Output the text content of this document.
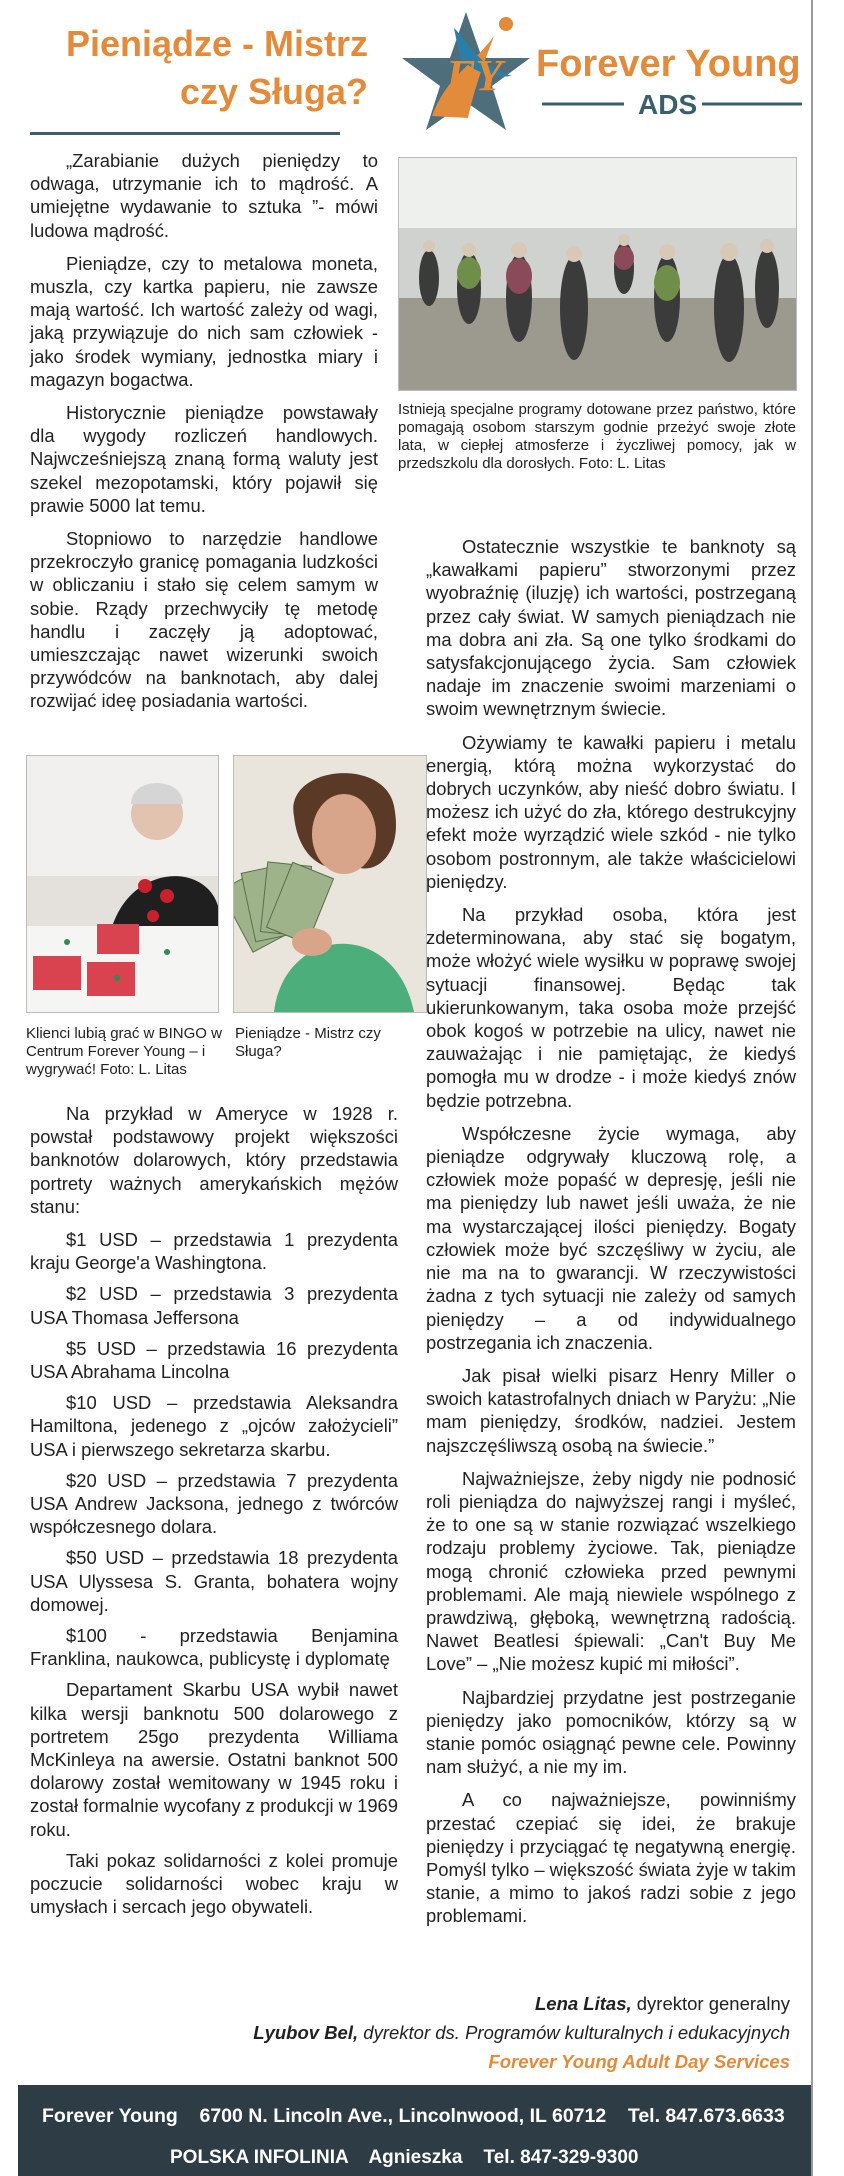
Pieniądze - Mistrz
czy Sługa? FY Forever Young
ADS

„Zarabianie dużych pieniędzy to odwaga, utrzymanie ich to mądrość. A umiejętne wydawanie to sztuka ”- mówi ludowa mądrość.

Pieniądze, czy to metalowa moneta, muszla, czy kartka papieru, nie zawsze mają wartość. Ich wartość zależy od wagi, jaką przywiązuje do nich sam człowiek - jako środek wymiany, jednostka miary i magazyn bogactwa.

Historycznie pieniądze powstawały dla wygody rozliczeń handlowych. Najwcześniejszą znaną formą waluty jest szekel mezopotamski, który pojawił się prawie 5000 lat temu.

Stopniowo to narzędzie handlowe przekroczyło granicę pomagania ludzkości w obliczaniu i stało się celem samym w sobie. Rządy przechwyciły tę metodę handlu i zaczęły ją adoptować, umieszczając nawet wizerunki swoich przywódców na banknotach, aby dalej rozwijać ideę posiadania wartości.

Istnieją specjalne programy dotowane przez państwo, które pomagają osobom starszym godnie przeżyć swoje złote lata, w ciepłej atmosferze i życzliwej pomocy, jak w przedszkolu dla dorosłych. Foto: L. Litas
Klienci lubią grać w BINGO w Centrum Forever Young – i wygrywać! Foto: L. Litas
Pieniądze - Mistrz czy Sługa?

Na przykład w Ameryce w 1928 r. powstał podstawowy projekt większości banknotów dolarowych, który przedstawia portrety ważnych amerykańskich mężów stanu:

$1 USD – przedstawia 1 prezydenta kraju George'a Washingtona.

$2 USD – przedstawia 3 prezydenta USA Thomasa Jeffersona

$5 USD – przedstawia 16 prezydenta USA Abrahama Lincolna

$10 USD – przedstawia Aleksandra Hamiltona, jedenego z „ojców założycieli” USA i pierwszego sekretarza skarbu.

$20 USD – przedstawia 7 prezydenta USA Andrew Jacksona, jednego z twórców współczesnego dolara.

$50 USD – przedstawia 18 prezydenta USA Ulyssesa S. Granta, bohatera wojny domowej.

$100 - przedstawia Benjamina Franklina, naukowca, publicystę i dyplomatę

Departament Skarbu USA wybił nawet kilka wersji banknotu 500 dolarowego z portretem 25go prezydenta Williama McKinleya na awersie. Ostatni banknot 500 dolarowy został wemitowany w 1945 roku i został formalnie wycofany z produkcji w 1969 roku.

Taki pokaz solidarności z kolei promuje poczucie solidarności wobec kraju w umysłach i sercach jego obywateli.

Ostatecznie wszystkie te banknoty są „kawałkami papieru” stworzonymi przez wyobraźnię (iluzję) ich wartości, postrzeganą przez cały świat. W samych pieniądzach nie ma dobra ani zła. Są one tylko środkami do satysfakcjonującego życia. Sam człowiek nadaje im znaczenie swoimi marzeniami o swoim wewnętrznym świecie.

Ożywiamy te kawałki papieru i metalu energią, którą można wykorzystać do dobrych uczynków, aby nieść dobro światu. I możesz ich użyć do zła, którego destrukcyjny efekt może wyrządzić wiele szkód - nie tylko osobom postronnym, ale także właścicielowi pieniędzy.

Na przykład osoba, która jest zdeterminowana, aby stać się bogatym, może włożyć wiele wysiłku w poprawę swojej sytuacji finansowej. Będąc tak ukierunkowanym, taka osoba może przejść obok kogoś w potrzebie na ulicy, nawet nie zauważając i nie pamiętając, że kiedyś pomogła mu w drodze - i może kiedyś znów będzie potrzebna.

Współczesne życie wymaga, aby pieniądze odgrywały kluczową rolę, a człowiek może popaść w depresję, jeśli nie ma pieniędzy lub nawet jeśli uważa, że nie ma wystarczającej ilości pieniędzy. Bogaty człowiek może być szczęśliwy w życiu, ale nie ma na to gwarancji. W rzeczywistości żadna z tych sytuacji nie zależy od samych pieniędzy – a od indywidualnego postrzegania ich znaczenia.

Jak pisał wielki pisarz Henry Miller o swoich katastrofalnych dniach w Paryżu: „Nie mam pieniędzy, środków, nadziei. Jestem najszczęśliwszą osobą na świecie.”

Najważniejsze, żeby nigdy nie podnosić roli pieniądza do najwyższej rangi i myśleć, że to one są w stanie rozwiązać wszelkiego rodzaju problemy życiowe. Tak, pieniądze mogą chronić człowieka przed pewnymi problemami. Ale mają niewiele wspólnego z prawdziwą, głęboką, wewnętrzną radością. Nawet Beatlesi śpiewali: „Can't Buy Me Love” – „Nie możesz kupić mi miłości”.

Najbardziej przydatne jest postrzeganie pieniędzy jako pomocników, którzy są w stanie pomóc osiągnąć pewne cele. Powinny nam służyć, a nie my im.

A co najważniejsze, powinniśmy przestać czepiać się idei, że brakuje pieniędzy i przyciągać tę negatywną energię. Pomyśl tylko – większość świata żyje w takim stanie, a mimo to jakoś radzi sobie z jego problemami.

Lena Litas, dyrektor generalny
Lyubov Bel, dyrektor ds. Programów kulturalnych i edukacyjnych
Forever Young Adult Day Services
Forever Young    6700 N. Lincoln Ave., Lincolnwood, IL 60712    Tel. 847.673.6633
POLSKA INFOLINIA    Agnieszka    Tel. 847-329-9300
